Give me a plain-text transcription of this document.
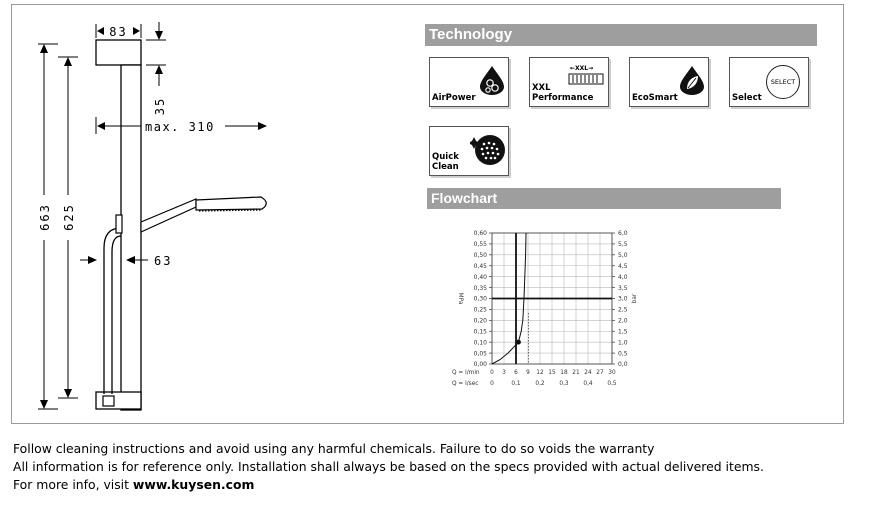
83
35
max. 310
663 625
63
Technology
AirPower
←XXL→
XXL
Performance	EcoSmart
SELECT
Select
Quick
Clean
Flowchart
0,00	0,0
0,05	0,5
0,10	1,0
0,15	1,5
0,20	2,0
0,25	2,5
0,30	3,0
0,35	3,5
0,40	4,0
0,45	4,5
0,50	5,0
0,55	5,5
0,60	6,0
Q = l/min 0 3 6 9 12 15 18 21 24 27 30
Q = l/sec 0	0,1	0,2	0,3	0,4	0,5
MPa	bar
Follow cleaning instructions and avoid using any harmful chemicals. Failure to do so voids the warranty
All information is for reference only. Installation shall always be based on the specs provided with actual delivered items.
For more info, visit www.kuysen.com
